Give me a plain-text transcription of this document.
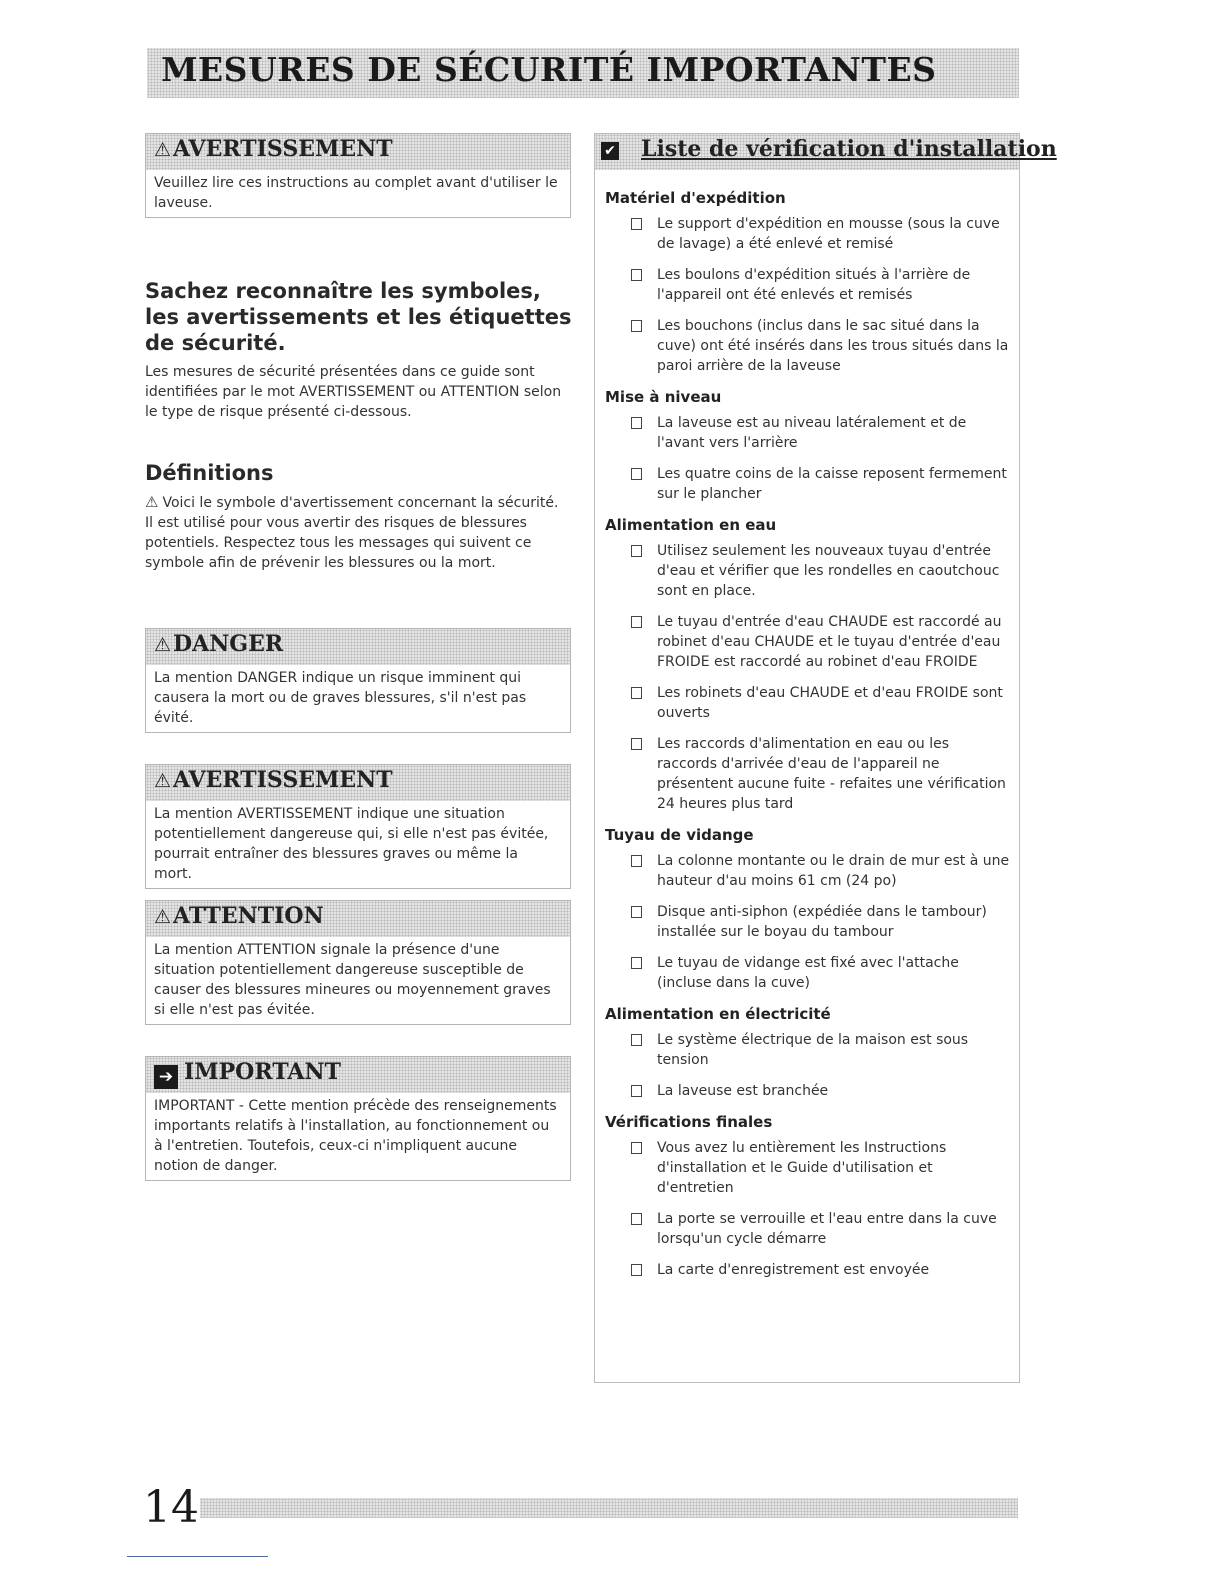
MESURES DE SÉCURITÉ IMPORTANTES
⚠AVERTISSEMENT
Veuillez lire ces instructions au complet avant d'utiliser le laveuse.
Sachez reconnaître les symboles, les avertissements et les étiquettes de sécurité.

Les mesures de sécurité présentées dans ce guide sont identifiées par le mot AVERTISSEMENT ou ATTENTION selon le type de risque présenté ci-dessous.

Définitions

⚠ Voici le symbole d'avertissement concernant la sécurité. Il est utilisé pour vous avertir des risques de blessures potentiels. Respectez tous les messages qui suivent ce symbole afin de prévenir les blessures ou la mort.

⚠DANGER
La mention DANGER indique un risque imminent qui causera la mort ou de graves blessures, s'il n'est pas évité.
⚠AVERTISSEMENT
La mention AVERTISSEMENT indique une situation potentiellement dangereuse qui, si elle n'est pas évitée, pourrait entraîner des blessures graves ou même la mort.
⚠ATTENTION
La mention ATTENTION signale la présence d'une situation potentiellement dangereuse susceptible de causer des blessures mineures ou moyennement graves si elle n'est pas évitée.
➔ IMPORTANT
IMPORTANT - Cette mention précède des renseignements importants relatifs à l'installation, au fonctionnement ou à l'entretien. Toutefois, ceux-ci n'impliquent aucune notion de danger.
✔ Liste de vérification d'installation
Matériel d'expédition
Le support d'expédition en mousse (sous la cuve de lavage) a été enlevé et remisé
Les boulons d'expédition situés à l'arrière de l'appareil ont été enlevés et remisés
Les bouchons (inclus dans le sac situé dans la cuve) ont été insérés dans les trous situés dans la paroi arrière de la laveuse
Mise à niveau
La laveuse est au niveau latéralement et de l'avant vers l'arrière
Les quatre coins de la caisse reposent fermement sur le plancher
Alimentation en eau
Utilisez seulement les nouveaux tuyau d'entrée d'eau et vérifier que les rondelles en caoutchouc sont en place.
Le tuyau d'entrée d'eau CHAUDE est raccordé au robinet d'eau CHAUDE et le tuyau d'entrée d'eau FROIDE est raccordé au robinet d'eau FROIDE
Les robinets d'eau CHAUDE et d'eau FROIDE sont ouverts
Les raccords d'alimentation en eau ou les raccords d'arrivée d'eau de l'appareil ne présentent aucune fuite - refaites une vérification 24 heures plus tard
Tuyau de vidange
La colonne montante ou le drain de mur est à une hauteur d'au moins 61 cm (24 po)
Disque anti-siphon (expédiée dans le tambour) installée sur le boyau du tambour
Le tuyau de vidange est fixé avec l'attache (incluse dans la cuve)
Alimentation en électricité
Le système électrique de la maison est sous tension
La laveuse est branchée
Vérifications finales
Vous avez lu entièrement les Instructions d'installation et le Guide d'utilisation et d'entretien
La porte se verrouille et l'eau entre dans la cuve lorsqu'un cycle démarre
La carte d'enregistrement est envoyée
14
